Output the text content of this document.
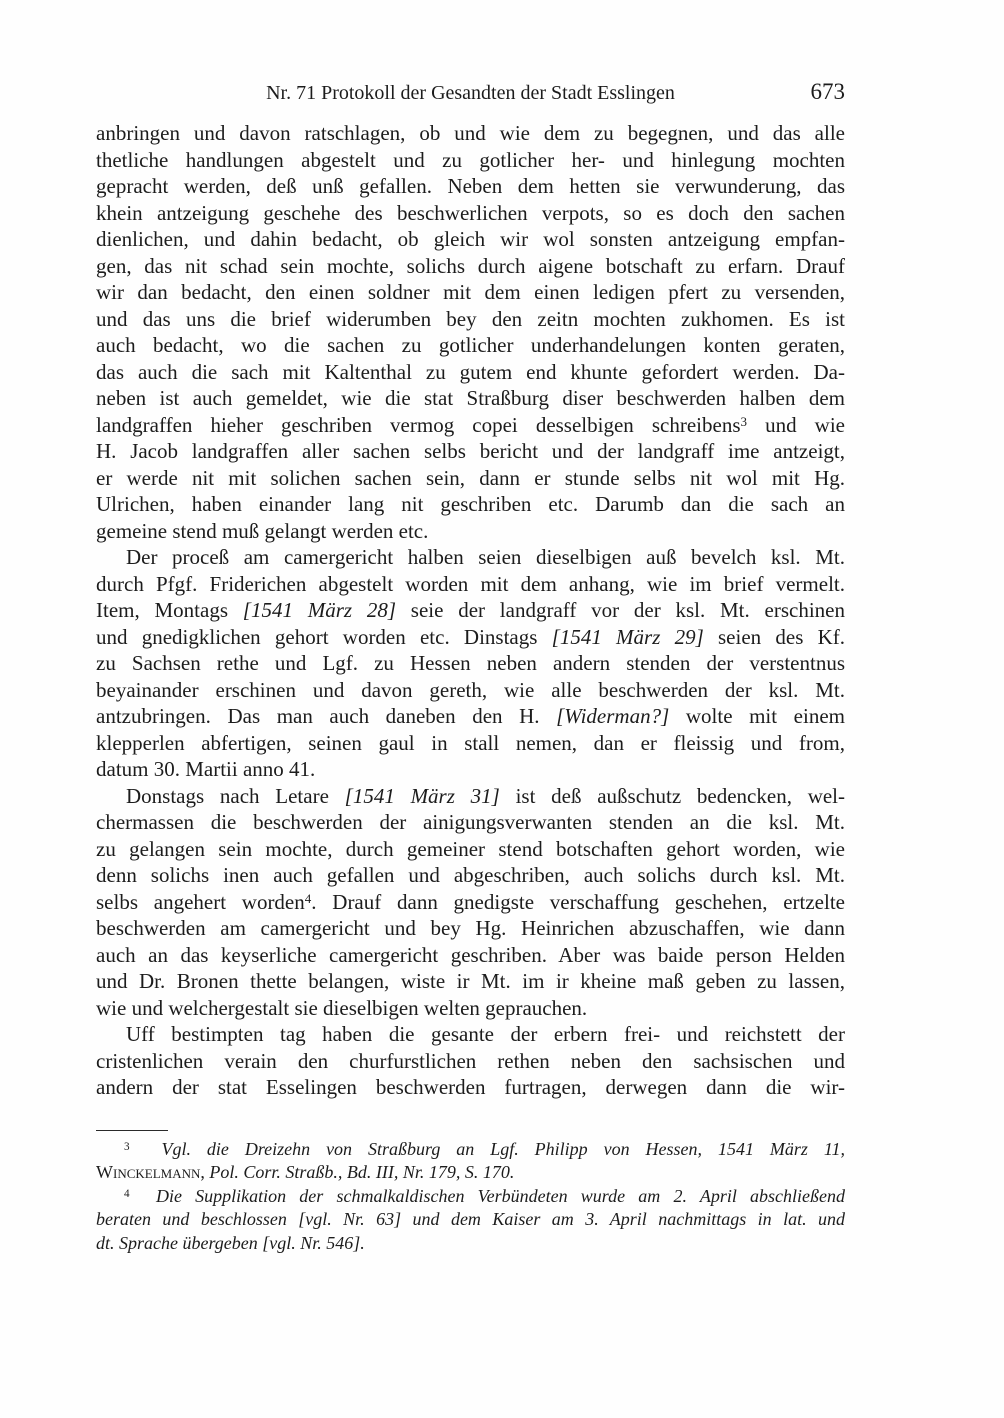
Nr. 71 Protokoll der Gesandten der Stadt Esslingen	673
anbringen und davon ratschlagen, ob und wie dem zu begegnen, und das alle
thetliche handlungen abgestelt und zu gotlicher her- und hinlegung mochten
gepracht werden, deß unß gefallen. Neben dem hetten sie verwunderung, das
khein antzeigung geschehe des beschwerlichen verpots, so es doch den sachen
dienlichen, und dahin bedacht, ob gleich wir wol sonsten antzeigung empfan-
gen, das nit schad sein mochte, solichs durch aigene botschaft zu erfarn. Drauf
wir dan bedacht, den einen soldner mit dem einen ledigen pfert zu versenden,
und das uns die brief widerumben bey den zeitn mochten zukhomen. Es ist
auch bedacht, wo die sachen zu gotlicher underhandelungen konten geraten,
das auch die sach mit Kaltenthal zu gutem end khunte gefordert werden. Da-
neben ist auch gemeldet, wie die stat Straßburg diser beschwerden halben dem
landgraffen hieher geschriben vermog copei desselbigen schreibens$^3$ und wie
H. Jacob landgraffen aller sachen selbs bericht und der landgraff ime antzeigt,
er werde nit mit solichen sachen sein, dann er stunde selbs nit wol mit Hg.
Ulrichen, haben einander lang nit geschriben etc. Darumb dan die sach an
gemeine stend muß gelangt werden etc.
Der proceß am camergericht halben seien dieselbigen auß bevelch ksl. Mt.
durch Pfgf. Friderichen abgestelt worden mit dem anhang, wie im brief vermelt.
Item, Montags [1541 März 28] seie der landgraff vor der ksl. Mt. erschinen
und gnedigklichen gehort worden etc. Dinstags [1541 März 29] seien des Kf.
zu Sachsen rethe und Lgf. zu Hessen neben andern stenden der verstentnus
beyainander erschinen und davon gereth, wie alle beschwerden der ksl. Mt.
antzubringen. Das man auch daneben den H. [Widerman?] wolte mit einem
klepperlen abfertigen, seinen gaul in stall nemen, dan er fleissig und from,
datum 30. Martii anno 41.
Donstags nach Letare [1541 März 31] ist deß außschutz bedencken, wel-
chermassen die beschwerden der ainigungsverwanten stenden an die ksl. Mt.
zu gelangen sein mochte, durch gemeiner stend botschaften gehort worden, wie
denn solichs inen auch gefallen und abgeschriben, auch solichs durch ksl. Mt.
selbs angehert worden$^4$. Drauf dann gnedigste verschaffung geschehen, ertzelte
beschwerden am camergericht und bey Hg. Heinrichen abzuschaffen, wie dann
auch an das keyserliche camergericht geschriben. Aber was baide person Helden
und Dr. Bronen thette belangen, wiste ir Mt. im ir kheine maß geben zu lassen,
wie und welchergestalt sie dieselbigen welten geprauchen.
Uff bestimpten tag haben die gesante der erbern frei- und reichstett der
cristenlichen verain den churfurstlichen rethen neben den sachsischen und
andern der stat Esselingen beschwerden furtragen, derwegen dann die wir-
$^3$ Vgl. die Dreizehn von Straßburg an Lgf. Philipp von Hessen, 1541 März 11,
Winckelmann, Pol. Corr. Straßb., Bd. III, Nr. 179, S. 170.
$^4$ Die Supplikation der schmalkaldischen Verbündeten wurde am 2. April abschließend
beraten und beschlossen [vgl. Nr. 63] und dem Kaiser am 3. April nachmittags in lat. und
dt. Sprache übergeben [vgl. Nr. 546].
